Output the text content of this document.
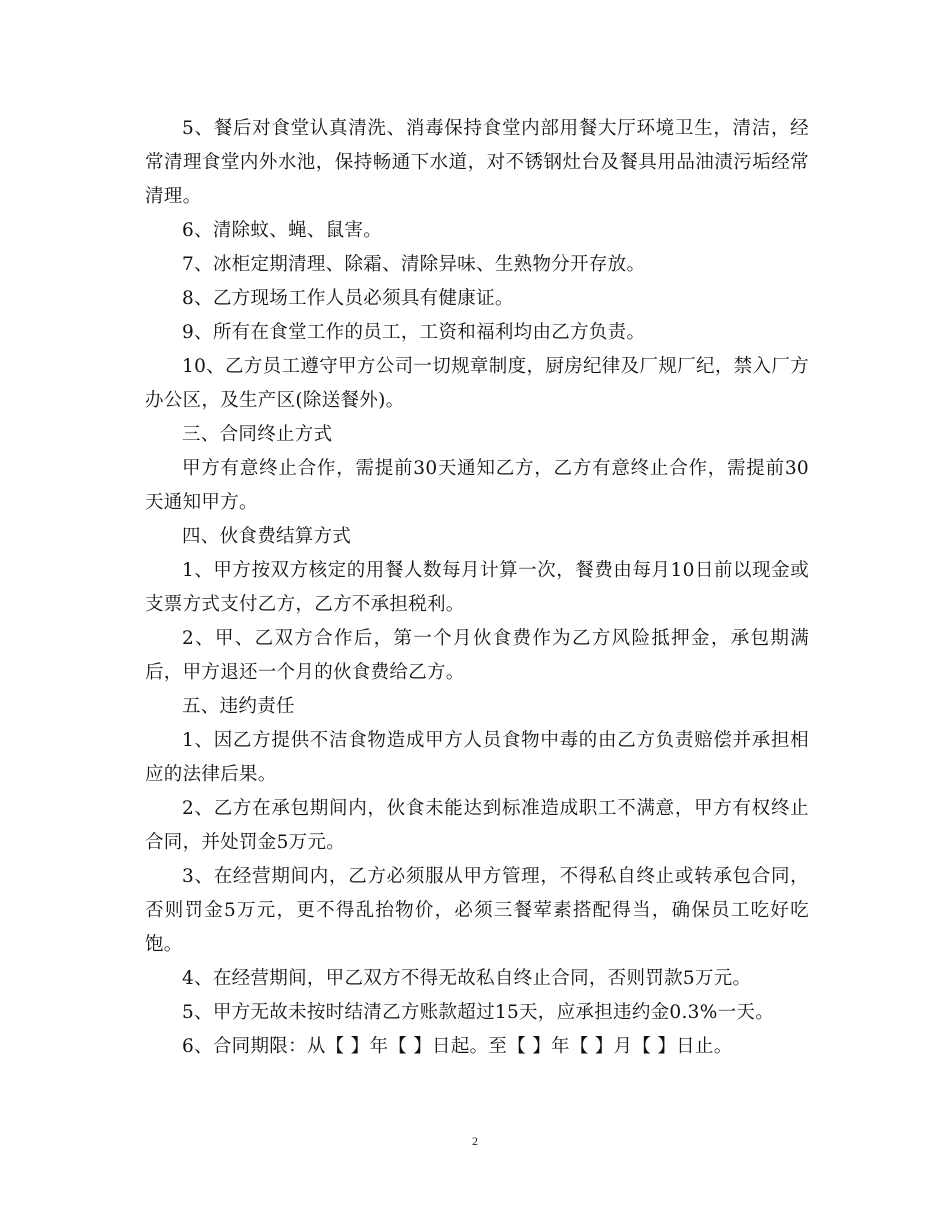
5、餐后对食堂认真清洗、消毒保持食堂内部用餐大厅环境卫生，清洁，经常清理食堂内外水池，保持畅通下水道，对不锈钢灶台及餐具用品油渍污垢经常清理。

6、清除蚊、蝇、鼠害。

7、冰柜定期清理、除霜、清除异味、生熟物分开存放。

8、乙方现场工作人员必须具有健康证。

9、所有在食堂工作的员工，工资和福利均由乙方负责。

10、乙方员工遵守甲方公司一切规章制度，厨房纪律及厂规厂纪，禁入厂方办公区，及生产区(除送餐外)。

三、合同终止方式

甲方有意终止合作，需提前30天通知乙方，乙方有意终止合作，需提前30天通知甲方。

四、伙食费结算方式

1、甲方按双方核定的用餐人数每月计算一次，餐费由每月10日前以现金或支票方式支付乙方，乙方不承担税利。

2、甲、乙双方合作后，第一个月伙食费作为乙方风险抵押金，承包期满后，甲方退还一个月的伙食费给乙方。

五、违约责任

1、因乙方提供不洁食物造成甲方人员食物中毒的由乙方负责赔偿并承担相应的法律后果。

2、乙方在承包期间内，伙食未能达到标准造成职工不满意，甲方有权终止合同，并处罚金5万元。

3、在经营期间内，乙方必须服从甲方管理，不得私自终止或转承包合同，否则罚金5万元，更不得乱抬物价，必须三餐荤素搭配得当，确保员工吃好吃饱。

4、在经营期间，甲乙双方不得无故私自终止合同，否则罚款5万元。

5、甲方无故未按时结清乙方账款超过15天，应承担违约金0.3%一天。

6、合同期限：从【 】年【 】日起。至【 】年【 】月【 】日止。

2
